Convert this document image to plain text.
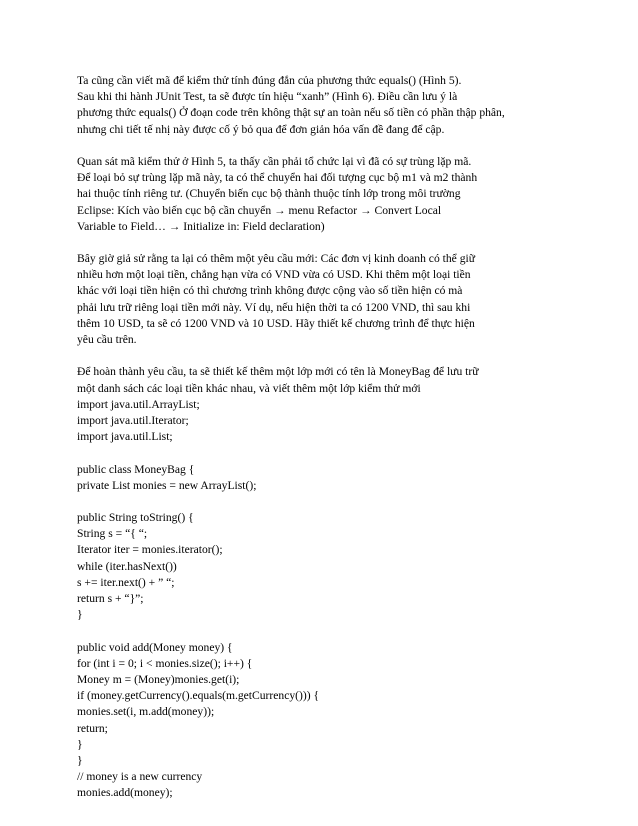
Ta cũng cần viết mã để kiểm thử tính đúng đắn của phương thức equals() (Hình 5).
Sau khi thi hành JUnit Test, ta sẽ được tín hiệu “xanh” (Hình 6). Điều cần lưu ý là
phương thức equals() Ở đoạn code trên không thật sự an toàn nếu số tiền có phần thập phân,
nhưng chi tiết tế nhị này được cố ý bỏ qua để đơn giản hóa vấn đề đang để cập.
Quan sát mã kiểm thử ở Hình 5, ta thấy cần phải tổ chức lại vì đã có sự trùng lặp mã.
Để loại bỏ sự trùng lặp mã này, ta có thể chuyển hai đối tượng cục bộ m1 và m2 thành
hai thuộc tính riêng tư. (Chuyển biến cục bộ thành thuộc tính lớp trong môi trường
Eclipse: Kích vào biến cục bộ cần chuyển → menu Refactor → Convert Local
Variable to Field… → Initialize in: Field declaration)
Bây giờ giả sử rằng ta lại có thêm một yêu cầu mới: Các đơn vị kinh doanh có thể giữ
nhiều hơn một loại tiền, chẳng hạn vừa có VND vừa có USD. Khi thêm một loại tiền
khác với loại tiền hiện có thì chương trình không được cộng vào số tiền hiện có mà
phải lưu trữ riêng loại tiền mới này. Ví dụ, nếu hiện thời ta có 1200 VND, thì sau khi
thêm 10 USD, ta sẽ có 1200 VND và 10 USD. Hãy thiết kế chương trình để thực hiện
yêu cầu trên.
Để hoàn thành yêu cầu, ta sẽ thiết kế thêm một lớp mới có tên là MoneyBag để lưu trữ
một danh sách các loại tiền khác nhau, và viết thêm một lớp kiểm thử mới
import java.util.ArrayList;
import java.util.Iterator;
import java.util.List;
public class MoneyBag {
private List monies = new ArrayList();
public String toString() {
String s = “{ “;
Iterator iter = monies.iterator();
while (iter.hasNext())
s += iter.next() + ” “;
return s + “}”;
}
public void add(Money money) {
for (int i = 0; i < monies.size(); i++) {
Money m = (Money)monies.get(i);
if (money.getCurrency().equals(m.getCurrency())) {
monies.set(i, m.add(money));
return;
}
}
// money is a new currency
monies.add(money);
